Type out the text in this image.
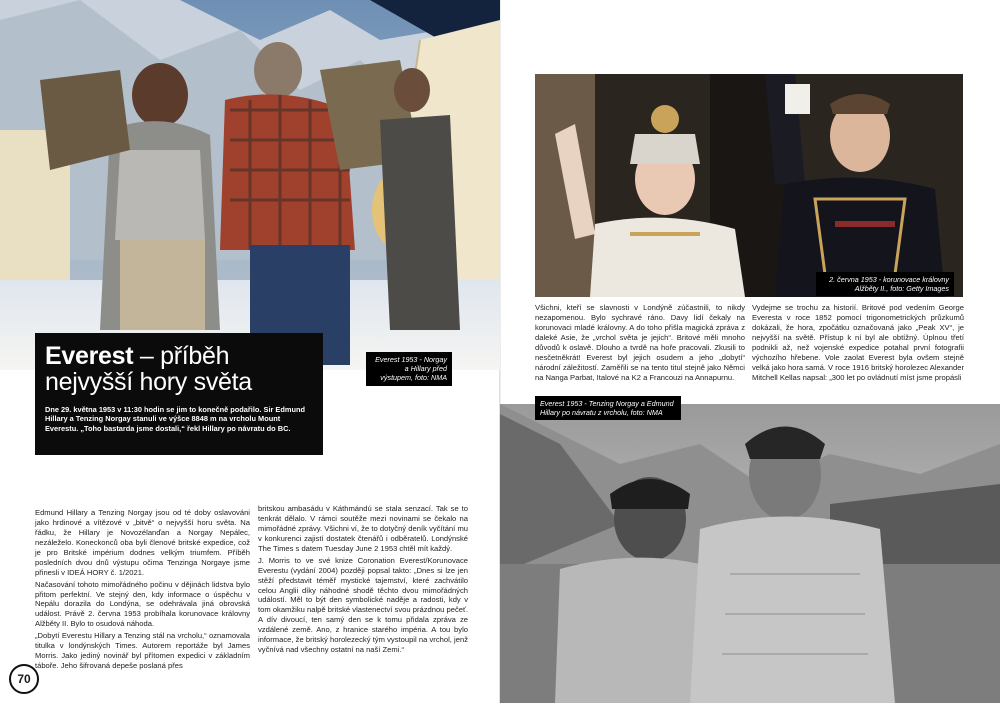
Everest 1953 - Norgay a Hillary před výstupem, foto: NMA
Everest – příběh
nejvyšší hory světa
Dne 29. května 1953 v 11:30 hodin se jim to konečně podařilo. Sir Edmund Hillary a Tenzing Norgay stanuli ve výšce 8848 m na vrcholu Mount Everestu. „Toho bastarda jsme dostali,“ řekl Hillary po návratu do BC.

Edmund Hillary a Tenzing Norgay jsou od té doby oslavováni jako hrdinové a vítězové v „bitvě“ o nejvyšší horu světa. Na řádku, že Hillary je Novozélanďan a Norgay Nepálec, nezáleželo. Koneckonců oba byli členové britské expedice, což je pro Britské impérium dodnes velkým triumfem. Příběh posledních dvou dnů výstupu očima Tenzinga Norgaye jsme přinesli v IDEÁ HORY č. 1/2021.

Načasování tohoto mimořádného počinu v dějinách lidstva bylo přitom perfektní. Ve stejný den, kdy informace o úspěchu v Nepálu dorazila do Londýna, se odehrávala jiná obrovská událost. Právě 2. června 1953 probíhala korunovace královny Alžběty II. Bylo to osudová náhoda.

„Dobytí Everestu Hillary a Tenzing stál na vrcholu,“ oznamovala titulka v londýnských Times. Autorem reportáže byl James Morris. Jako jediný novinář byl přítomen expedici v základním táboře. Jeho šifrovaná depeše poslaná přes

britskou ambasádu v Káthmándú se stala senzací. Tak se to tenkrát dělalo. V rámci soutěže mezi novinami se čekalo na mimořádné zprávy. Všichni ví, že to dotyčný deník vyčítání mu v konkurenci zajistí dostatek čtenářů i odběratelů. Londýnské The Times s datem Tuesday June 2 1953 chtěl mít každý.

J. Morris to ve své knize Coronation Everest/Korunovace Everestu (vydání 2004) později popsal takto: „Dnes si lze jen stěží představit téměř mystické tajemství, které zachvátilo celou Anglii díky náhodné shodě těchto dvou mimořádných událostí. Měl to být den symbolické naděje a radosti, kdy v tom okamžiku nalpě britské vlastenectví svou prázdnou pečeť. A dív divoucí, ten samý den se k tomu přidala zpráva ze vzdálené země. Ano, z hranice starého impéria. A tou bylo informace, že britský horolezecký tým vystoupil na vrchol, jenž vyčnívá nad všechny ostatní na naší Zemi.“

70
2. června 1953 - korunovace královny Alžběty II., foto: Getty Images

Všichni, kteří se slavnosti v Londýně zúčastnili, to nikdy nezapomenou. Bylo sychravé ráno. Davy lidí čekaly na korunovaci mladé královny. A do toho přišla magická zpráva z daleké Asie, že „vrchol světa je jejich“. Britové měli mnoho důvodů k oslavě. Dlouho a tvrdě na hoře pracovali. Zkusili to nesčetněkrát! Everest byl jejich osudem a jeho „dobytí“ národní záležitostí. Zaměřili se na tento titul stejně jako Němci na Nanga Parbat, Italové na K2 a Francouzi na Annapurnu.

Vydejme se trochu za historií. Britové pod vedením George Everesta v roce 1852 pomocí trigonometrických průzkumů dokázali, že hora, zpočátku označovaná jako „Peak XV“, je nejvyšší na světě. Přístup k ní byl ale obtížný. Úplnou třetí podnikli až, než vojenské expedice potahal první fotografii výchozího hřebene. Vole zaolat Everest byla ovšem stejně velká jako hora samá. V roce 1916 britský horolezec Alexander Mitchell Kellas napsal: „300 let po ovládnutí míst jsme propásli

Everest 1953 - Tenzing Norgay a Edmund Hillary po návratu z vrcholu, foto: NMA
